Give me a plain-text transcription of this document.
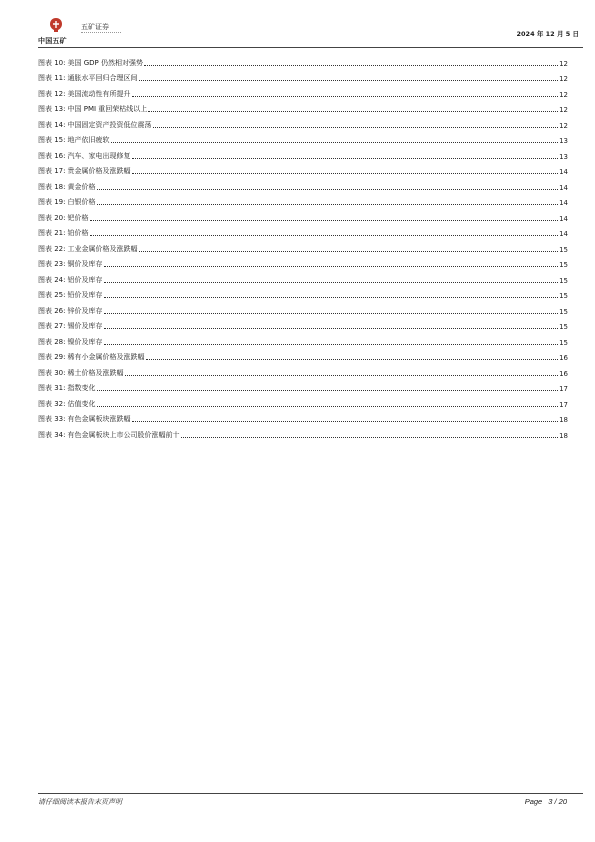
中国五矿
五矿证券
2024 年 12 月 5 日
图表 10: 美国 GDP 仍然相对强势	12
图表 11: 通胀水平回归合理区间	12
图表 12: 美国流动性有所提升	12
图表 13: 中国 PMI 重回荣枯线以上	12
图表 14: 中国固定资产投资低位震荡	12
图表 15: 地产依旧疲软	13
图表 16: 汽车、家电出现修复	13
图表 17: 贵金属价格及涨跌幅	14
图表 18: 黄金价格	14
图表 19: 白银价格	14
图表 20: 钯价格	14
图表 21: 铂价格	14
图表 22: 工业金属价格及涨跌幅	15
图表 23: 铜价及库存	15
图表 24: 铝价及库存	15
图表 25: 铅价及库存	15
图表 26: 锌价及库存	15
图表 27: 锡价及库存	15
图表 28: 镍价及库存	15
图表 29: 稀有小金属价格及涨跌幅	16
图表 30: 稀土价格及涨跌幅	16
图表 31: 指数变化	17
图表 32: 估值变化	17
图表 33: 有色金属板块涨跌幅	18
图表 34: 有色金属板块上市公司股价涨幅前十	18
请仔细阅读本报告末页声明	Page 3 / 20
